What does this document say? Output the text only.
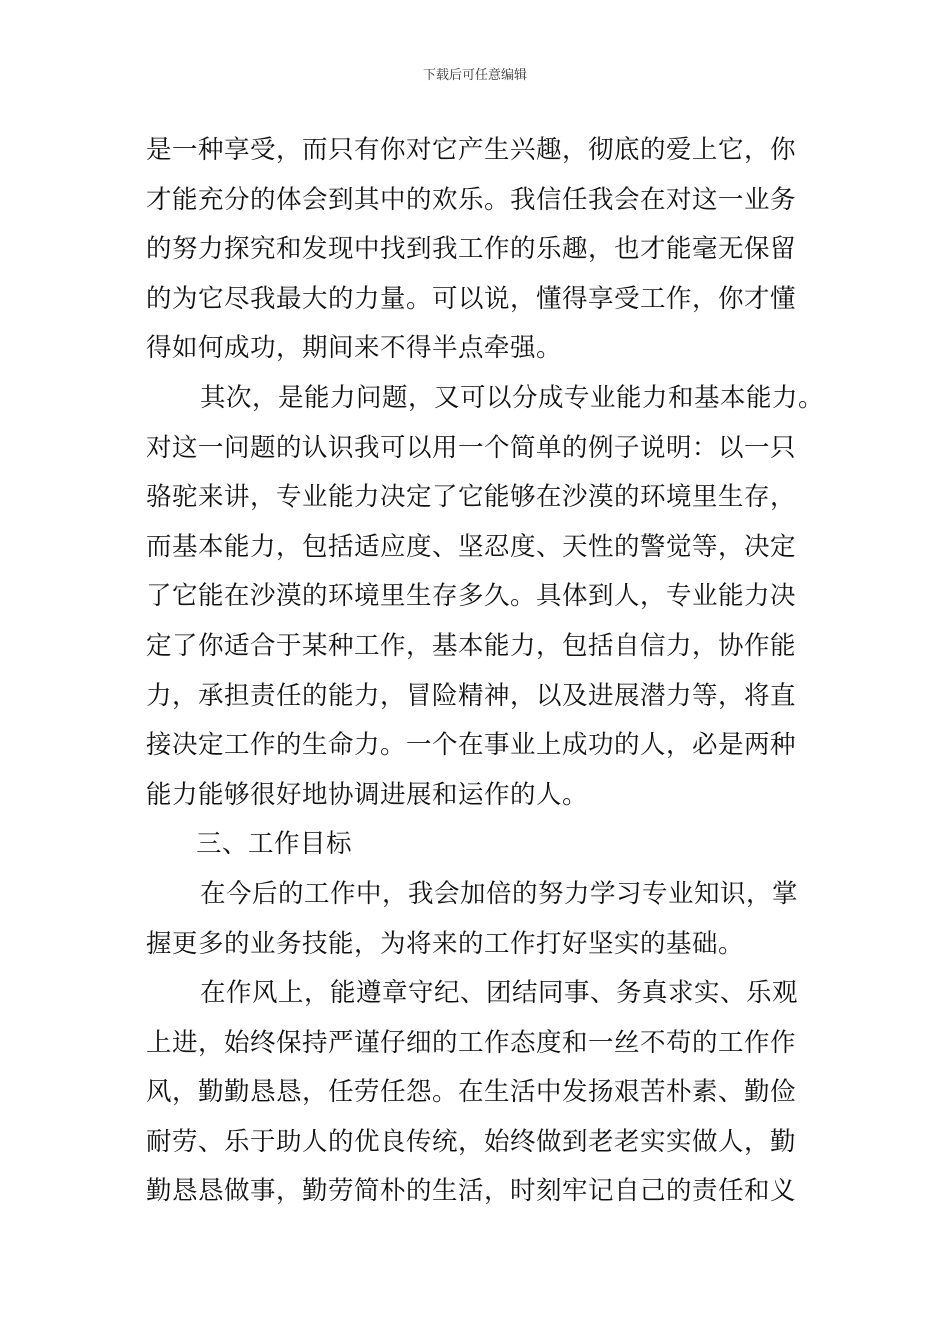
下载后可任意编辑
是一种享受，而只有你对它产生兴趣，彻底的爱上它，你
才能充分的体会到其中的欢乐。我信任我会在对这一业务
的努力探究和发现中找到我工作的乐趣，也才能毫无保留
的为它尽我最大的力量。可以说，懂得享受工作，你才懂
得如何成功，期间来不得半点牵强。
其次，是能力问题，又可以分成专业能力和基本能力。
对这一问题的认识我可以用一个简单的例子说明：以一只
骆驼来讲，专业能力决定了它能够在沙漠的环境里生存，
而基本能力，包括适应度、坚忍度、天性的警觉等，决定
了它能在沙漠的环境里生存多久。具体到人，专业能力决
定了你适合于某种工作，基本能力，包括自信力，协作能
力，承担责任的能力，冒险精神，以及进展潜力等，将直
接决定工作的生命力。一个在事业上成功的人，必是两种
能力能够很好地协调进展和运作的人。
三、工作目标
在今后的工作中，我会加倍的努力学习专业知识，掌
握更多的业务技能，为将来的工作打好坚实的基础。
在作风上，能遵章守纪、团结同事、务真求实、乐观
上进，始终保持严谨仔细的工作态度和一丝不苟的工作作
风，勤勤恳恳，任劳任怨。在生活中发扬艰苦朴素、勤俭
耐劳、乐于助人的优良传统，始终做到老老实实做人，勤
勤恳恳做事，勤劳简朴的生活，时刻牢记自己的责任和义
